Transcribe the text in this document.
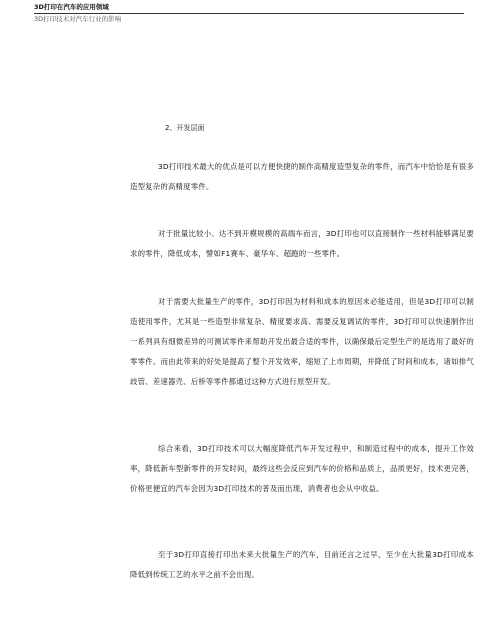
3D打印在汽车的应用领域
3D打印技术对汽车行业的影响
2、开发层面

3D打印技术最大的优点是可以方便快捷的制作高精度造型复杂的零件，而汽车中恰恰是有很多造型复杂的高精度零件。

对于批量比较小、达不到开模规模的高端车而言，3D打印也可以直接制作一些材料能够满足要求的零件，降低成本，譬如F1赛车、豪华车、超跑的一些零件。

对于需要大批量生产的零件，3D打印因为材料和成本的原因未必能适用，但是3D打印可以制造使用零件，尤其是一些造型非常复杂、精度要求高、需要反复调试的零件，3D打印可以快速制作出一系列具有细微差异的可测试零件来帮助开发出最合适的零件，以确保最后定型生产的是选用了最好的零零件。而由此带来的好处是提高了整个开发效率，缩短了上市周期，并降低了时间和成本，诸如排气歧管、差速器壳、后桥等零件都通过这种方式进行原型开发。

综合来看，3D打印技术可以大幅度降低汽车开发过程中，和制造过程中的成本，提升工作效率，降低新车型新零件的开发时间，最终这些会反应到汽车的价格和品质上，品质更好，技术更完善，价格更便宜的汽车会因为3D打印技术的普及而出现，消费者也会从中收益。

至于3D打印直接打印出未来大批量生产的汽车，目前还言之过早，至少在大批量3D打印成本降低到传统工艺的水平之前不会出现。
